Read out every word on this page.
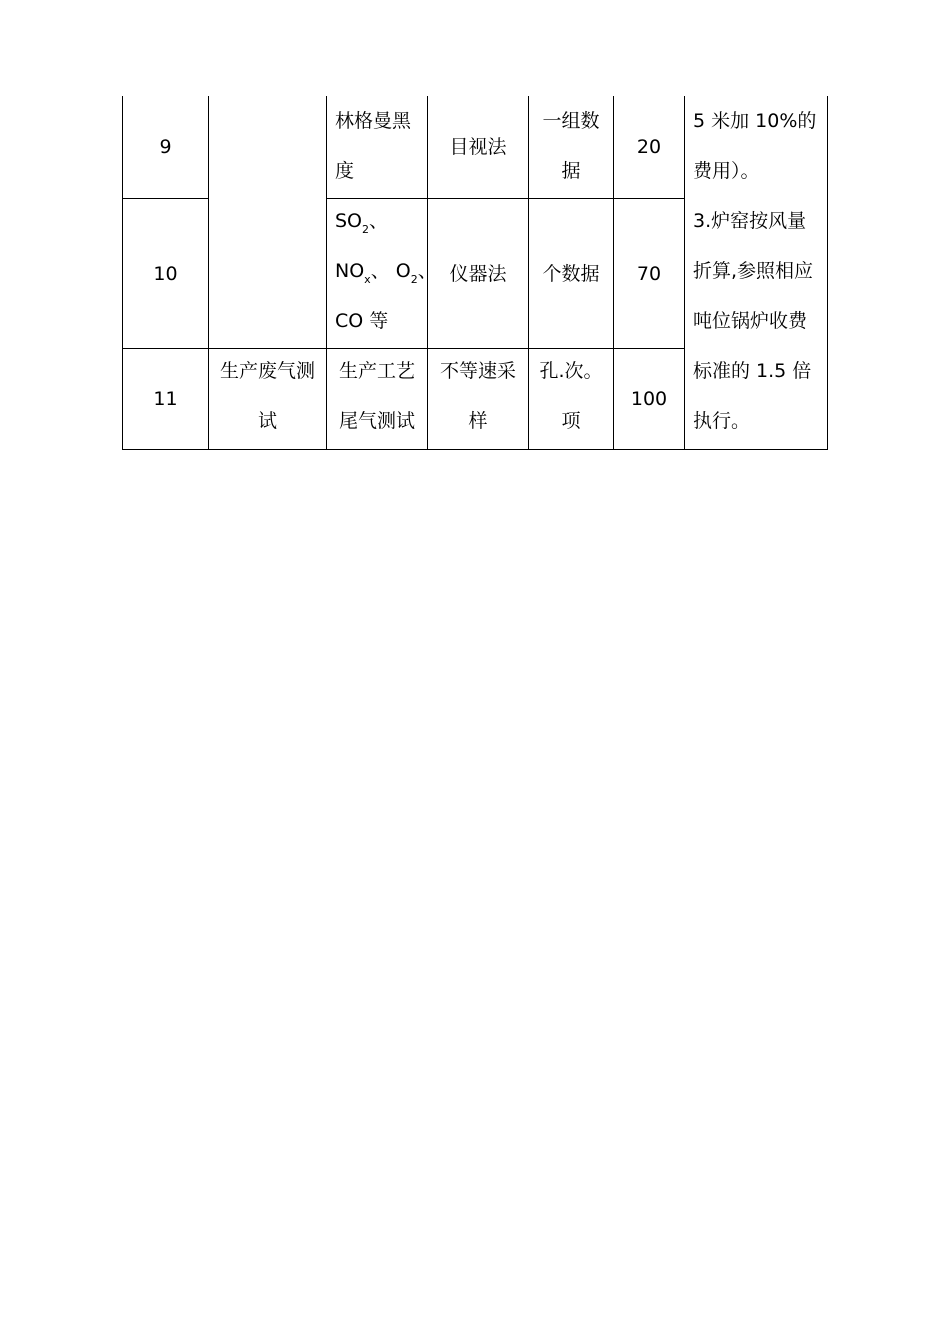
9
林格曼黑
度
目视法
一组数
据
20
10
$SO_2$、
$NO_x$、 $O_2$、
CO 等
仪器法 个数据 70
11
生产废气测
试
生产工艺
尾气测试
不等速采
样
孔.次。
项
100
5 米加 10%的
费用）。
3.炉窑按风量
折算,参照相应
吨位锅炉收费
标准的 1.5 倍
执行。
